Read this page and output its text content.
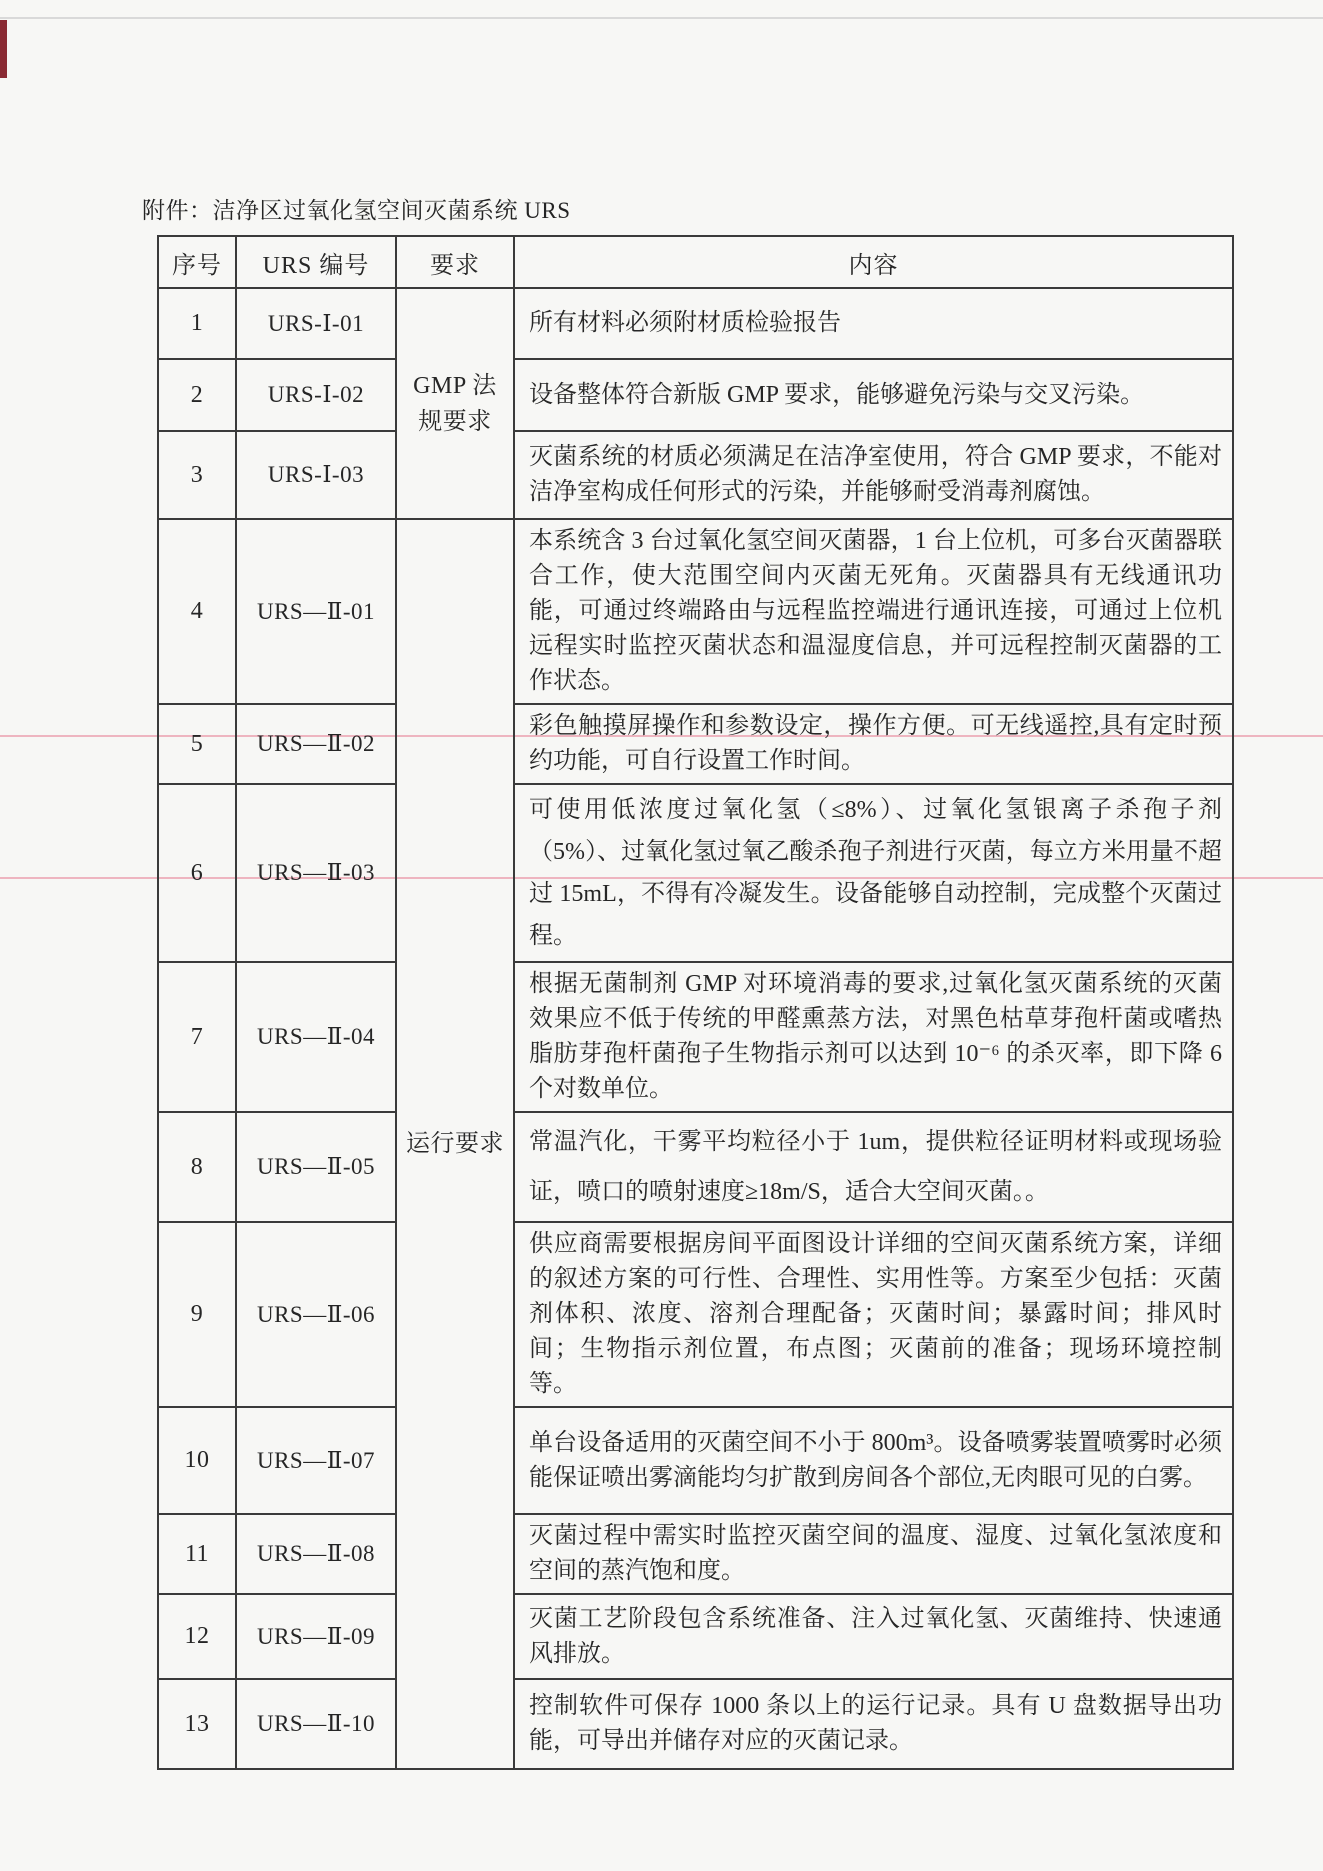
附件：洁净区过氧化氢空间灭菌系统 URS
序号	URS 编号	要求	内容
1	URS-Ⅰ-01	GMP 法规要求	所有材料必须附材质检验报告
2	URS-Ⅰ-02		设备整体符合新版 GMP 要求，能够避免污染与交叉污染。
3	URS-Ⅰ-03		灭菌系统的材质必须满足在洁净室使用，符合 GMP 要求，不能对洁净室构成任何形式的污染，并能够耐受消毒剂腐蚀。
4	URS—Ⅱ-01	运行要求	本系统含 3 台过氧化氢空间灭菌器，1 台上位机，可多台灭菌器联合工作，使大范围空间内灭菌无死角。灭菌器具有无线通讯功能，可通过终端路由与远程监控端进行通讯连接，可通过上位机远程实时监控灭菌状态和温湿度信息，并可远程控制灭菌器的工作状态。
5	URS—Ⅱ-02		彩色触摸屏操作和参数设定，操作方便。可无线遥控,具有定时预约功能，可自行设置工作时间。
6	URS—Ⅱ-03		可使用低浓度过氧化氢（≤8%）、过氧化氢银离子杀孢子剂（5%）、过氧化氢过氧乙酸杀孢子剂进行灭菌，每立方米用量不超过 15mL，不得有冷凝发生。设备能够自动控制，完成整个灭菌过程。
7	URS—Ⅱ-04		根据无菌制剂 GMP 对环境消毒的要求,过氧化氢灭菌系统的灭菌效果应不低于传统的甲醛熏蒸方法，对黑色枯草芽孢杆菌或嗜热脂肪芽孢杆菌孢子生物指示剂可以达到 10⁻⁶ 的杀灭率，即下降 6 个对数单位。
8	URS—Ⅱ-05		常温汽化，干雾平均粒径小于 1um，提供粒径证明材料或现场验证，喷口的喷射速度≥18m/S，适合大空间灭菌。。
9	URS—Ⅱ-06		供应商需要根据房间平面图设计详细的空间灭菌系统方案，详细的叙述方案的可行性、合理性、实用性等。方案至少包括：灭菌剂体积、浓度、溶剂合理配备；灭菌时间；暴露时间；排风时间；生物指示剂位置，布点图；灭菌前的准备；现场环境控制等。
10	URS—Ⅱ-07		单台设备适用的灭菌空间不小于 800m³。设备喷雾装置喷雾时必须能保证喷出雾滴能均匀扩散到房间各个部位,无肉眼可见的白雾。
11	URS—Ⅱ-08		灭菌过程中需实时监控灭菌空间的温度、湿度、过氧化氢浓度和空间的蒸汽饱和度。
12	URS—Ⅱ-09		灭菌工艺阶段包含系统准备、注入过氧化氢、灭菌维持、快速通风排放。
13	URS—Ⅱ-10		控制软件可保存 1000 条以上的运行记录。具有 U 盘数据导出功能，可导出并储存对应的灭菌记录。
